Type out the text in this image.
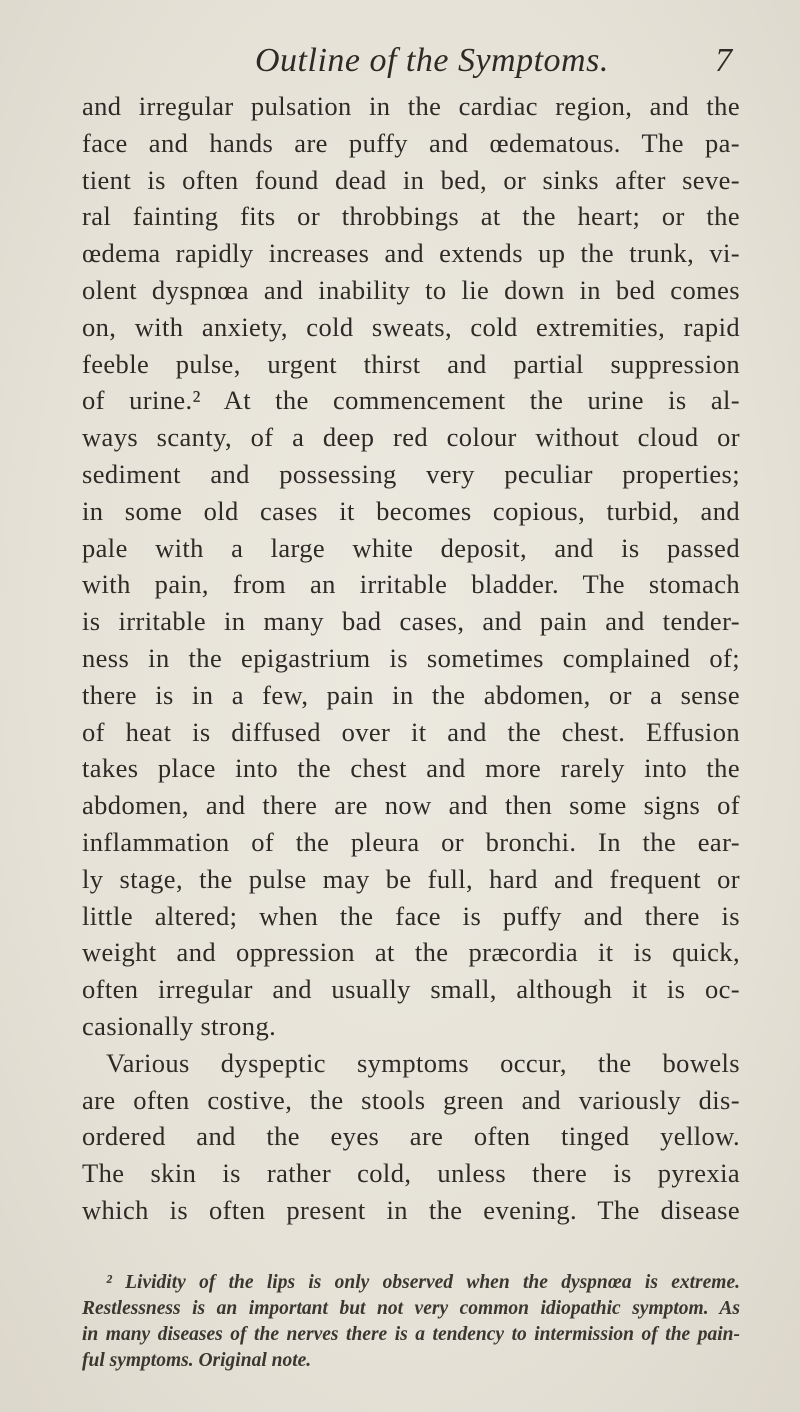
Outline of the Symptoms.	7
and irregular pulsation in the cardiac region, and the
face and hands are puffy and œdematous. The pa-
tient is often found dead in bed, or sinks after seve-
ral fainting fits or throbbings at the heart; or the
œdema rapidly increases and extends up the trunk, vi-
olent dyspnœa and inability to lie down in bed comes
on, with anxiety, cold sweats, cold extremities, rapid
feeble pulse, urgent thirst and partial suppression
of urine.² At the commencement the urine is al-
ways scanty, of a deep red colour without cloud or
sediment and possessing very peculiar properties;
in some old cases it becomes copious, turbid, and
pale with a large white deposit, and is passed
with pain, from an irritable bladder. The stomach
is irritable in many bad cases, and pain and tender-
ness in the epigastrium is sometimes complained of;
there is in a few, pain in the abdomen, or a sense
of heat is diffused over it and the chest. Effusion
takes place into the chest and more rarely into the
abdomen, and there are now and then some signs of
inflammation of the pleura or bronchi. In the ear-
ly stage, the pulse may be full, hard and frequent or
little altered; when the face is puffy and there is
weight and oppression at the præcordia it is quick,
often irregular and usually small, although it is oc-
casionally strong.
Various dyspeptic symptoms occur, the bowels
are often costive, the stools green and variously dis-
ordered and the eyes are often tinged yellow.
The skin is rather cold, unless there is pyrexia
which is often present in the evening. The disease
² Lividity of the lips is only observed when the dyspnœa is extreme.
Restlessness is an important but not very common idiopathic symptom. As
in many diseases of the nerves there is a tendency to intermission of the pain-
ful symptoms. Original note.
